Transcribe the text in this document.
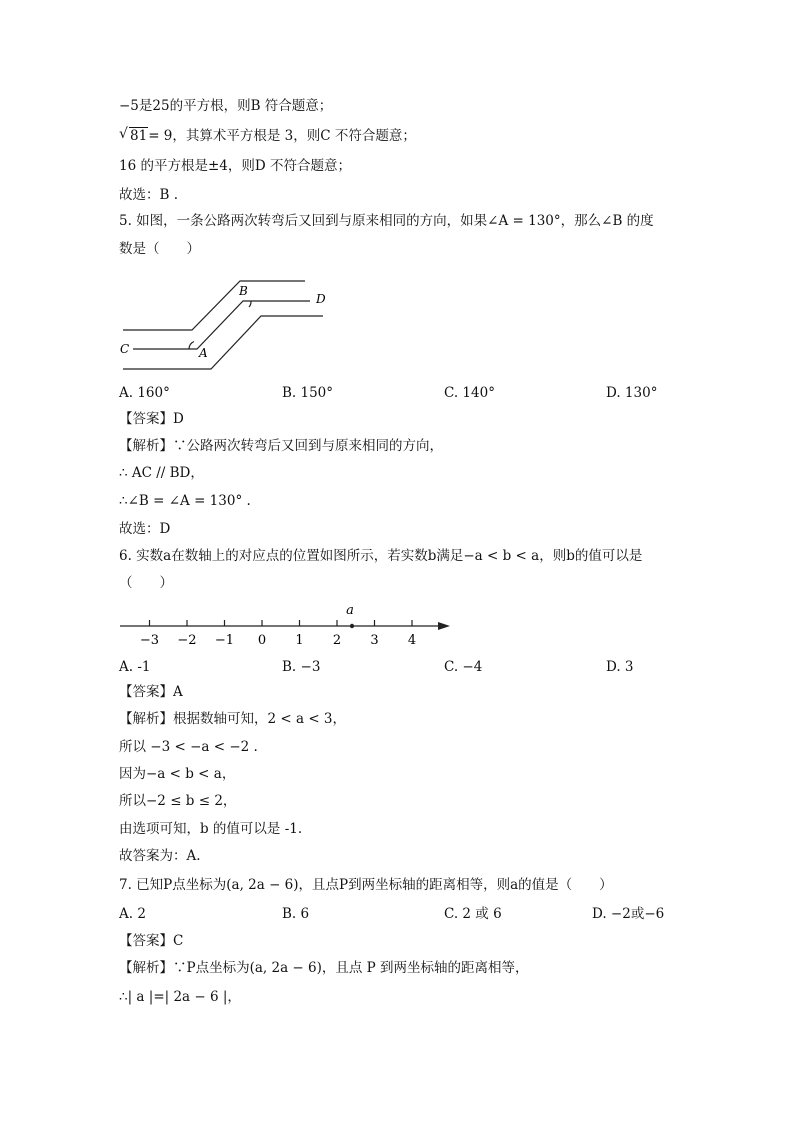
−5是25的平方根，则B 符合题意；
√ 81= 9，其算术平方根是 3，则C 不符合题意；
16 的平方根是±4，则D 不符合题意；
故选：B .
5. 如图，一条公路两次转弯后又回到与原来相同的方向，如果∠A = 130°，那么∠B 的度
数是（　　）
C	A
B
D
A. 160°	B. 150°	C. 140°	D. 130°
【答案】D
【解析】∵公路两次转弯后又回到与原来相同的方向，
∴ AC // BD，
∴∠B = ∠A = 130° .
故选：D
6. 实数a在数轴上的对应点的位置如图所示，若实数b满足−a < b < a，则b的值可以是
（　　）
−3 −2 −1 0 1 2 3 4
a
A. -1	B. −3	C. −4	D. 3
【答案】A
【解析】根据数轴可知，2 < a < 3，
所以 −3 < −a < −2 .
因为−a < b < a，
所以−2 ≤ b ≤ 2，
由选项可知，b 的值可以是 -1.
故答案为：A.
7. 已知P点坐标为(a, 2a − 6)，且点P到两坐标轴的距离相等，则a的值是（　　）
A. 2	B. 6	C. 2 或 6	D. −2或−6
【答案】C
【解析】∵P点坐标为(a, 2a − 6)，且点 P 到两坐标轴的距离相等，
∴| a |=| 2a − 6 |，
